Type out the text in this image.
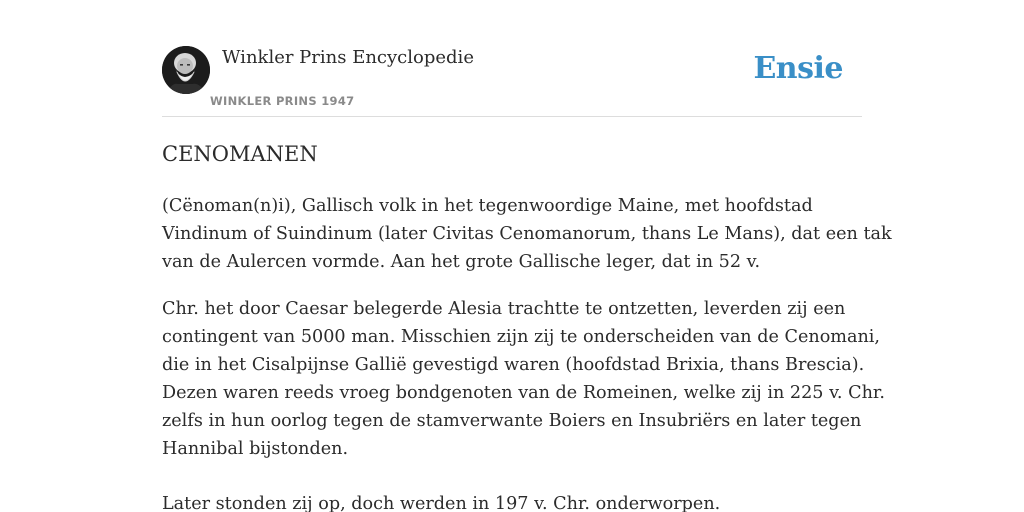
Winkler Prins Encyclopedie
WINKLER PRINS 1947
Ensie
CENOMANEN
(Cënoman(n)i), Gallisch volk in het tegenwoordige Maine, met hoofdstad
Vindinum of Suindinum (later Civitas Cenomanorum, thans Le Mans), dat een tak
van de Aulercen vormde. Aan het grote Gallische leger, dat in 52 v.
Chr. het door Caesar belegerde Alesia trachtte te ontzetten, leverden zij een
contingent van 5000 man. Misschien zijn zij te onderscheiden van de Cenomani,
die in het Cisalpijnse Gallië gevestigd waren (hoofdstad Brixia, thans Brescia).
Dezen waren reeds vroeg bondgenoten van de Romeinen, welke zij in 225 v. Chr.
zelfs in hun oorlog tegen de stamverwante Boiers en Insubriërs en later tegen
Hannibal bijstonden.
Later stonden zij op, doch werden in 197 v. Chr. onderworpen.
